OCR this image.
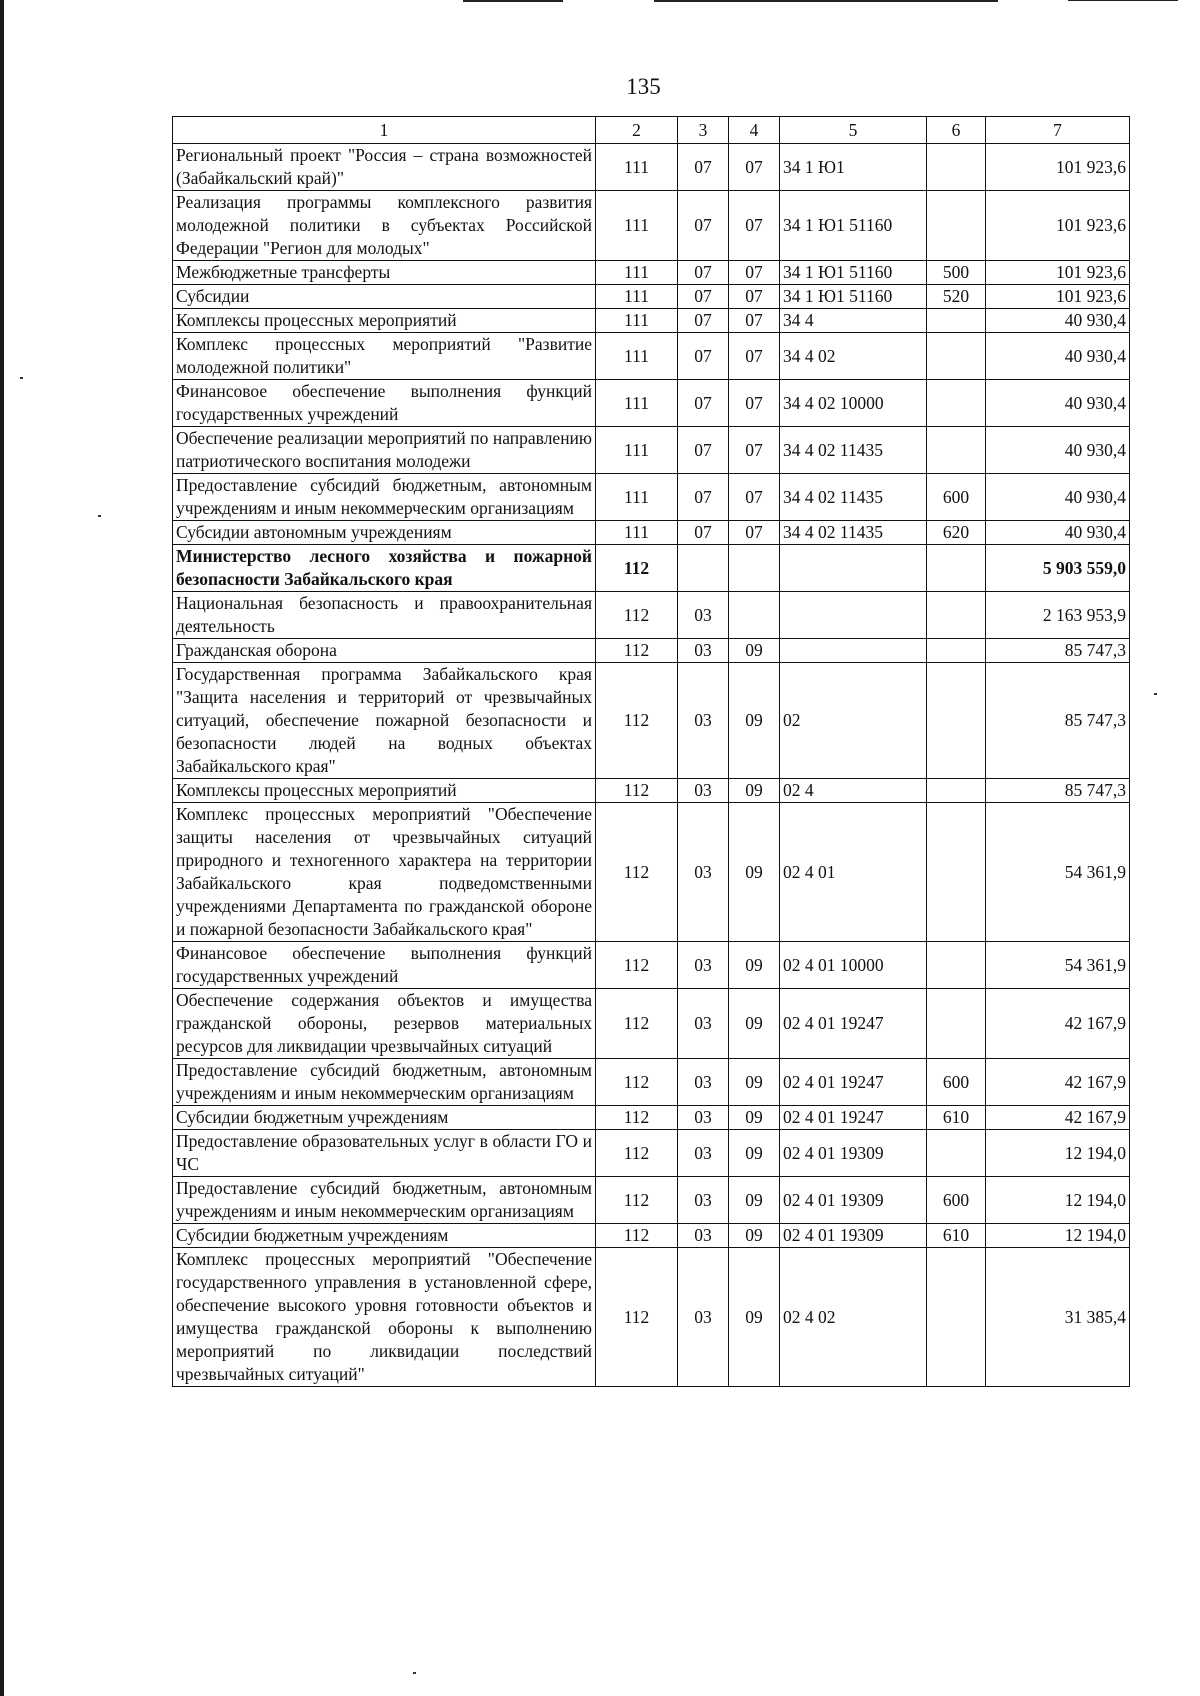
135
1	2	3	4	5	6	7
Региональный проект "Россия – страна возможностей (Забайкальский край)"	111	07	07	34 1 Ю1		101 923,6
Реализация программы комплексного развития молодежной политики в субъектах Российской Федерации "Регион для молодых"	111	07	07	34 1 Ю1 51160		101 923,6
Межбюджетные трансферты	111	07	07	34 1 Ю1 51160	500	101 923,6
Субсидии	111	07	07	34 1 Ю1 51160	520	101 923,6
Комплексы процессных мероприятий	111	07	07	34 4		40 930,4
Комплекс процессных мероприятий "Развитие молодежной политики"	111	07	07	34 4 02		40 930,4
Финансовое обеспечение выполнения функций государственных учреждений	111	07	07	34 4 02 10000		40 930,4
Обеспечение реализации мероприятий по направлению патриотического воспитания молодежи	111	07	07	34 4 02 11435		40 930,4
Предоставление субсидий бюджетным, автономным учреждениям и иным некоммерческим организациям	111	07	07	34 4 02 11435	600	40 930,4
Субсидии автономным учреждениям	111	07	07	34 4 02 11435	620	40 930,4
Министерство лесного хозяйства и пожарной безопасности Забайкальского края	112					5 903 559,0
Национальная безопасность и правоохранительная деятельность	112	03				2 163 953,9
Гражданская оборона	112	03	09			85 747,3
Государственная программа Забайкальского края "Защита населения и территорий от чрезвычайных ситуаций, обеспечение пожарной безопасности и безопасности людей на водных объектах Забайкальского края"	112	03	09	02		85 747,3
Комплексы процессных мероприятий	112	03	09	02 4		85 747,3
Комплекс процессных мероприятий "Обеспечение защиты населения от чрезвычайных ситуаций природного и техногенного характера на территории Забайкальского края подведомственными учреждениями Департамента по гражданской обороне и пожарной безопасности Забайкальского края"	112	03	09	02 4 01		54 361,9
Финансовое обеспечение выполнения функций государственных учреждений	112	03	09	02 4 01 10000		54 361,9
Обеспечение содержания объектов и имущества гражданской обороны, резервов материальных ресурсов для ликвидации чрезвычайных ситуаций	112	03	09	02 4 01 19247		42 167,9
Предоставление субсидий бюджетным, автономным учреждениям и иным некоммерческим организациям	112	03	09	02 4 01 19247	600	42 167,9
Субсидии бюджетным учреждениям	112	03	09	02 4 01 19247	610	42 167,9
Предоставление образовательных услуг в области ГО и ЧС	112	03	09	02 4 01 19309		12 194,0
Предоставление субсидий бюджетным, автономным учреждениям и иным некоммерческим организациям	112	03	09	02 4 01 19309	600	12 194,0
Субсидии бюджетным учреждениям	112	03	09	02 4 01 19309	610	12 194,0
Комплекс процессных мероприятий "Обеспечение государственного управления в установленной сфере, обеспечение высокого уровня готовности объектов и имущества гражданской обороны к выполнению мероприятий по ликвидации последствий чрезвычайных ситуаций"	112	03	09	02 4 02		31 385,4
